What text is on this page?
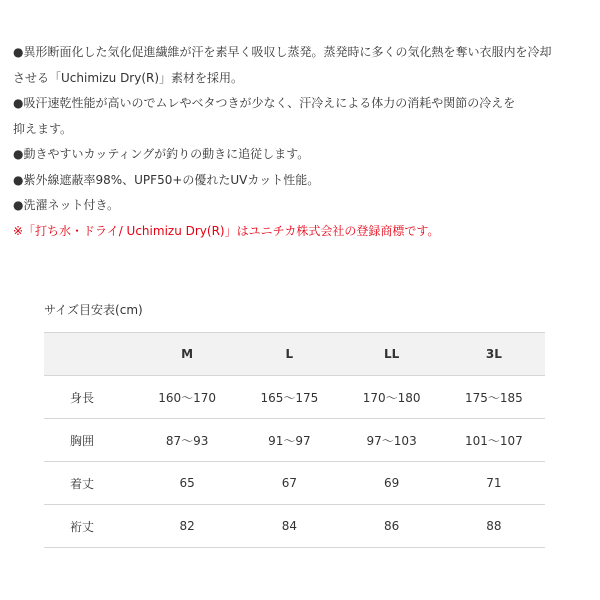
●異形断面化した気化促進繊維が汗を素早く吸収し蒸発。蒸発時に多くの気化熱を奪い衣服内を冷却

させる「Uchimizu Dry(R)」素材を採用。

●吸汗速乾性能が高いのでムレやベタつきが少なく、汗冷えによる体力の消耗や関節の冷えを

抑えます。

●動きやすいカッティングが釣りの動きに追従します。

●紫外線遮蔽率98%、UPF50+の優れたUVカット性能。

●洗濯ネット付き。

※「打ち水・ドライ/ Uchimizu Dry(R)」はユニチカ株式会社の登録商標です。

サイズ目安表(cm)
	M	L	LL	3L
身長	160〜170	165〜175	170〜180	175〜185
胸囲	87〜93	91〜97	97〜103	101〜107
着丈	65	67	69	71
裄丈	82	84	86	88
